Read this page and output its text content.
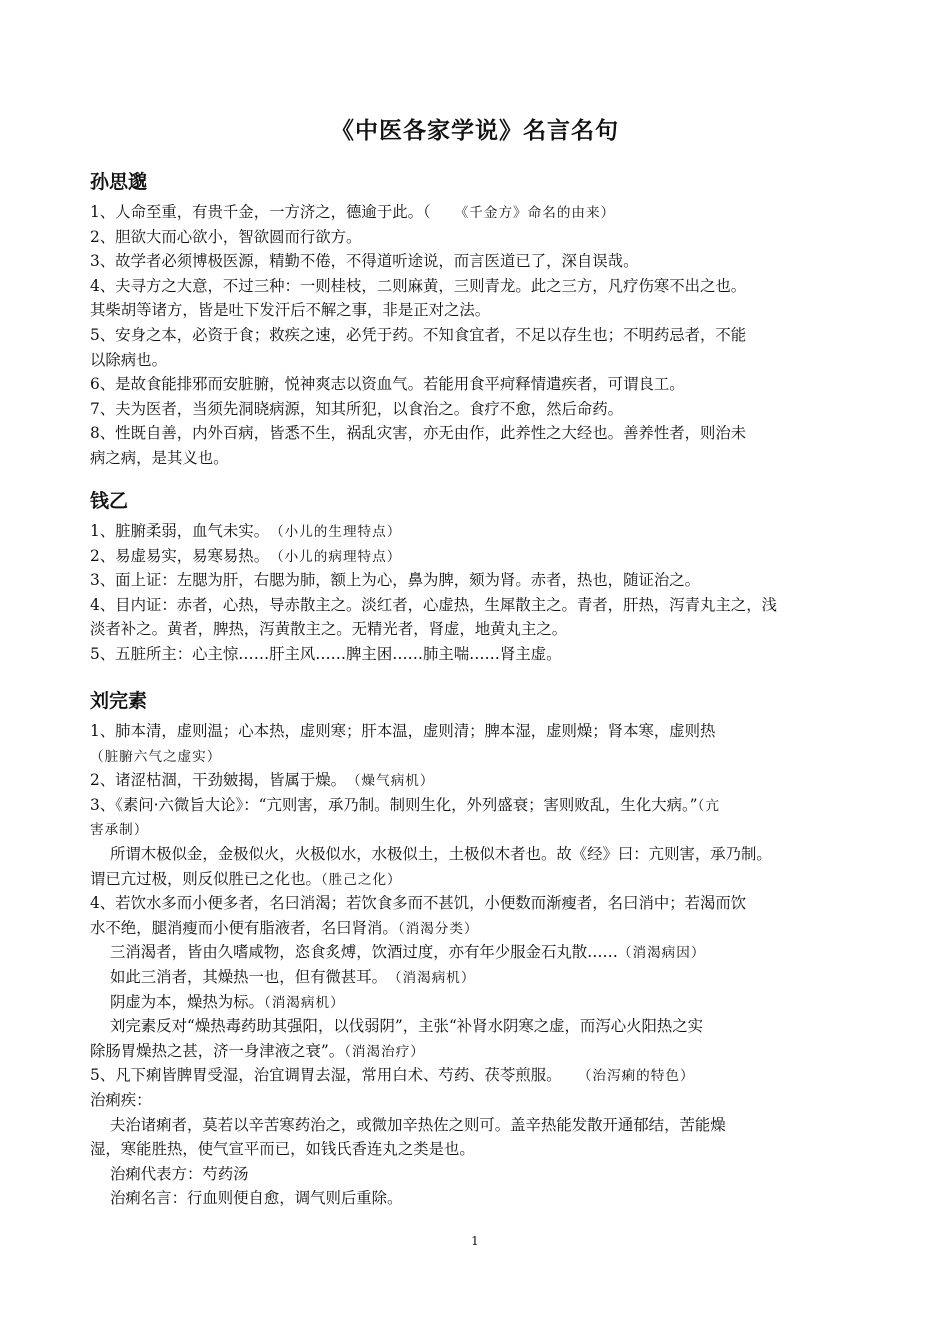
《中医各家学说》名言名句
孙思邈
1、人命至重，有贵千金，一方济之，德逾于此。（　　《千金方》命名的由来）
2、胆欲大而心欲小，智欲圆而行欲方。
3、故学者必须博极医源，精勤不倦，不得道听途说，而言医道已了，深自误哉。
4、夫寻方之大意，不过三种：一则桂枝，二则麻黄，三则青龙。此之三方，凡疗伤寒不出之也。
其柴胡等诸方，皆是吐下发汗后不解之事，非是正对之法。
5、安身之本，必资于食；救疾之速，必凭于药。不知食宜者，不足以存生也；不明药忌者，不能
以除病也。
6、是故食能排邪而安脏腑，悦神爽志以资血气。若能用食平疴释情遣疾者，可谓良工。
7、夫为医者，当须先洞晓病源，知其所犯，以食治之。食疗不愈，然后命药。
8、性既自善，内外百病，皆悉不生，祸乱灾害，亦无由作，此养性之大经也。善养性者，则治未
病之病，是其义也。
钱乙
1、脏腑柔弱，血气未实。　（小儿的生理特点）
2、易虚易实，易寒易热。　（小儿的病理特点）
3、面上证：左腮为肝，右腮为肺，额上为心，鼻为脾，颏为肾。赤者，热也，随证治之。
4、目内证：赤者，心热，导赤散主之。淡红者，心虚热，生犀散主之。青者，肝热，泻青丸主之，浅
淡者补之。黄者，脾热，泻黄散主之。无精光者，肾虚，地黄丸主之。
5、五脏所主：心主惊……肝主风……脾主困……肺主喘……肾主虚。
刘完素
1、肺本清，虚则温；心本热，虚则寒；肝本温，虚则清；脾本湿，虚则燥；肾本寒，虚则热
（脏腑六气之虚实）
2、诸涩枯涸，干劲皴揭，皆属于燥。　（燥气病机）
3、《素问·六微旨大论》：“亢则害，承乃制。制则生化，外列盛衰；害则败乱，生化大病。”（亢
害承制）
所谓木极似金，金极似火，火极似水，水极似土，土极似木者也。故《经》曰：亢则害，承乃制。
谓已亢过极，则反似胜已之化也。（胜己之化）
4、若饮水多而小便多者，名曰消渴；若饮食多而不甚饥，小便数而渐瘦者，名曰消中；若渴而饮
水不绝，腿消瘦而小便有脂液者，名曰肾消。（消渴分类）
三消渴者，皆由久嗜咸物，恣食炙煿，饮酒过度，亦有年少服金石丸散……（消渴病因）
如此三消者，其燥热一也，但有微甚耳。　（消渴病机）
阴虚为本，燥热为标。（消渴病机）
刘完素反对“燥热毒药助其强阳，以伐弱阴”，主张“补肾水阴寒之虚，而泻心火阳热之实
除肠胃燥热之甚，济一身津液之衰”。（消渴治疗）
5、凡下痢皆脾胃受湿，治宜调胃去湿，常用白术、芍药、茯苓煎服。　　（治泻痢的特色）
治痢疾：
夫治诸痢者，莫若以辛苦寒药治之，或微加辛热佐之则可。盖辛热能发散开通郁结，苦能燥
湿，寒能胜热，使气宣平而已，如钱氏香连丸之类是也。
治痢代表方：芍药汤
治痢名言：行血则便自愈，调气则后重除。
1
